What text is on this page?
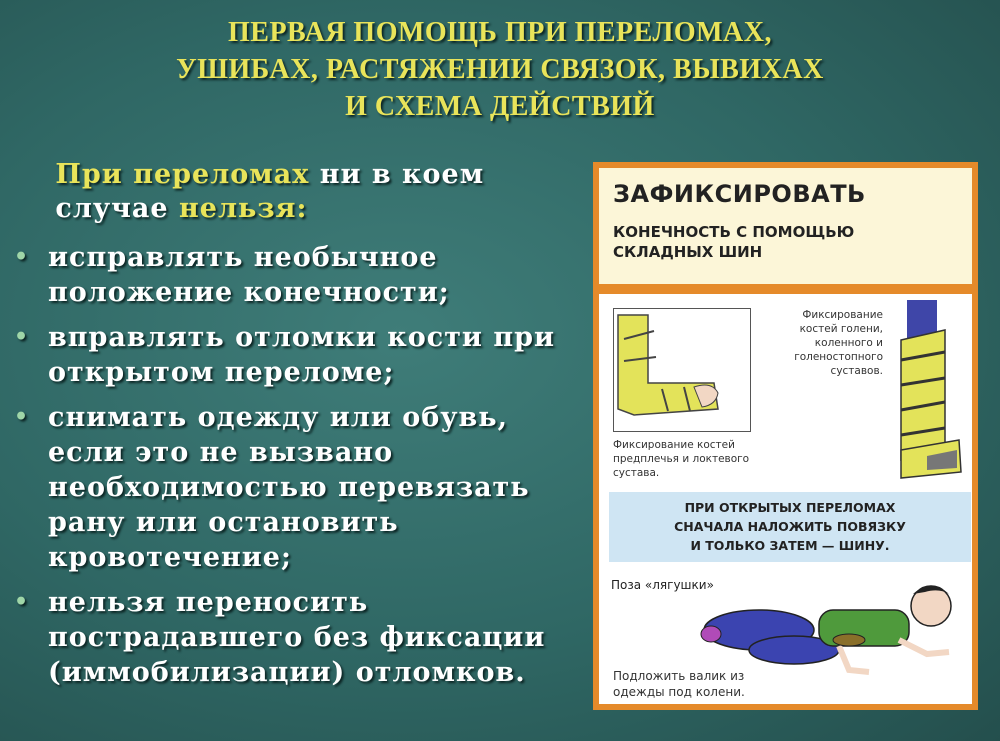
ПЕРВАЯ ПОМОЩЬ ПРИ ПЕРЕЛОМАХ,
УШИБАХ, РАСТЯЖЕНИИ СВЯЗОК, ВЫВИХАХ
И СХЕМА ДЕЙСТВИЙ
При переломах ни в коем
случае нельзя:
• исправлять необычное положение конечности;
• вправлять отломки кости при открытом переломе;
• снимать одежду или обувь, если это не вызвано необходимостью перевязать рану или остановить кровотечение;
• нельзя переносить пострадавшего без фиксации (иммобилизации) отломков.
ЗАФИКСИРОВАТЬ
КОНЕЧНОСТЬ С ПОМОЩЬЮ СКЛАДНЫХ ШИН
Фиксирование костей предплечья и локтевого сустава.
Фиксирование костей голени, коленного и голеностопного суставов.
ПРИ ОТКРЫТЫХ ПЕРЕЛОМАХ
СНАЧАЛА НАЛОЖИТЬ ПОВЯЗКУ
И ТОЛЬКО ЗАТЕМ — ШИНУ.
Поза «лягушки»
Подложить валик из одежды под колени.
